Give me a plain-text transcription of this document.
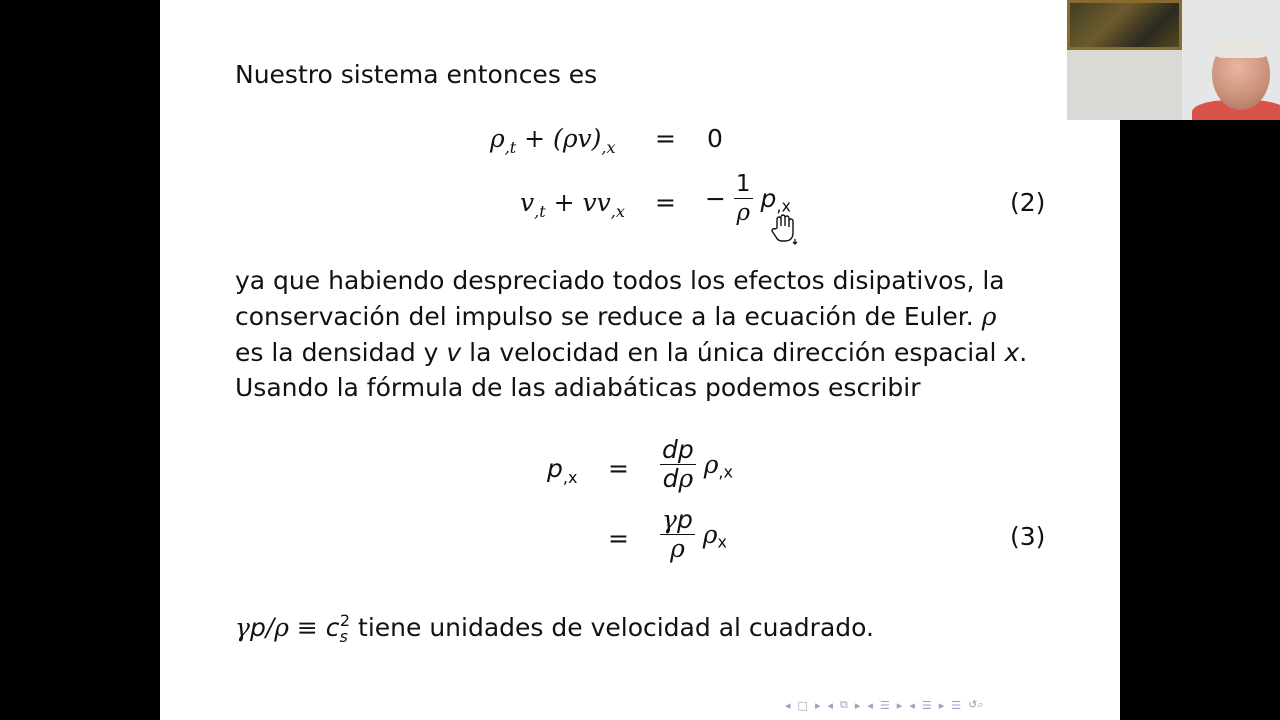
Nuestro sistema entonces es
$\rho_{,t} + (\rho v)_{,x} = 0$
$v_{,t} + vv_{,x}$ = − $\frac{1}{\rho} p_{,x}$	(2)
ya que habiendo despreciado todos los efectos disipativos, la
conservación del impulso se reduce a la ecuación de Euler. ρ
es la densidad y v la velocidad en la única dirección espacial x.
Usando la fórmula de las adiabáticas podemos escribir
$p_{,x} = \frac{dp}{d\rho} \rho_{,x}$
= $\frac{\gamma p}{\rho} \rho_x$	(3)
$\gamma p/\rho \equiv c_s^2$ tiene unidades de velocidad al cuadrado.
◂ □ ▸ ◂ ⧉ ▸ ◂ ☰ ▸ ◂ ☰ ▸ ☰ ↺⌕
